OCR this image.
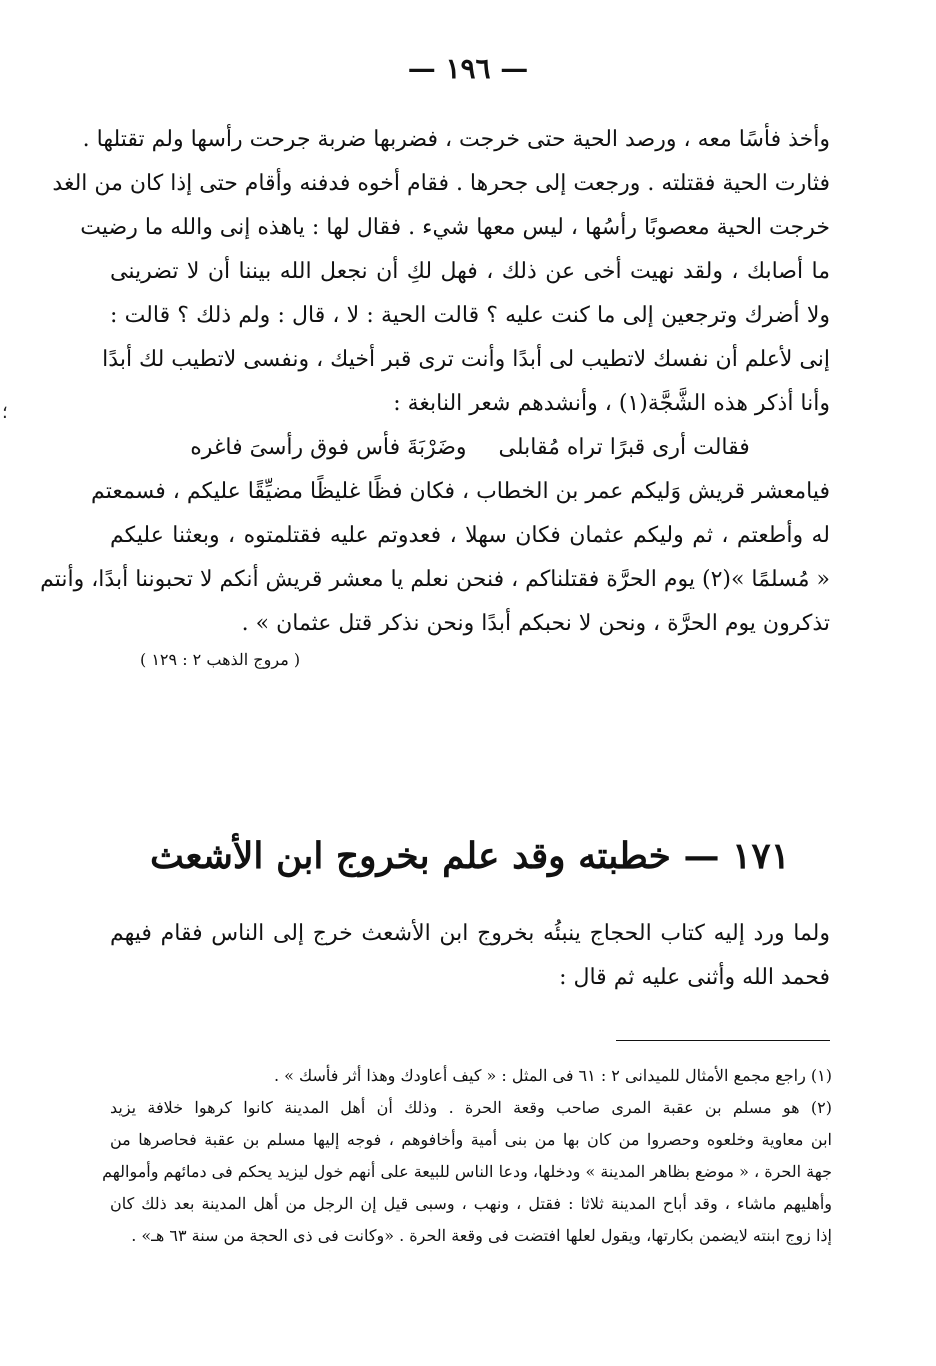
— ١٩٦ —
؛
وأخذ فأسًا معه ، ورصد الحية حتى خرجت ، فضربها ضربة جرحت رأسها ولم تقتلها .
فثارت الحية فقتلته . ورجعت إلى جحرها . فقام أخوه فدفنه وأقام حتى إذا كان من الغد
خرجت الحية معصوبًا رأسُها ، ليس معها شيء . فقال لها : ياهذه إنى والله ما رضيت
ما أصابك ، ولقد نهيت أخى عن ذلك ، فهل لكِ أن نجعل الله بيننا أن لا تضرينى
ولا أضرك وترجعين إلى ما كنت عليه ؟ قالت الحية : لا ، قال : ولم ذلك ؟ قالت :
إنى لأعلم أن نفسك لاتطيب لى أبدًا وأنت ترى قبر أخيك ، ونفسى لاتطيب لك أبدًا
وأنا أذكر هذه الشَّجَّة(١) ، وأنشدهم شعر النابغة :
فقالت أرى قبرًا تراه مُقابلى
وضَرْبَةَ فأس فوق رأسىَ فاغره
فيامعشر قريش وَليكم عمر بن الخطاب ، فكان فظًا غليظًا مضيِّقًا عليكم ، فسمعتم
له وأطعتم ، ثم وليكم عثمان فكان سهلا ، فعدوتم عليه فقتلمتوه ، وبعثنا عليكم
« مُسلمًا »(٢) يوم الحرَّة فقتلناكم ، فنحن نعلم يا معشر قريش أنكم لا تحبوننا أبدًا، وأنتم
تذكرون يوم الحرَّة ، ونحن لا نحبكم أبدًا ونحن نذكر قتل عثمان » .
( مروج الذهب ٢ : ١٢٩ )
١٧١ — خطبته وقد علم بخروج ابن الأشعث
ولما ورد إليه كتاب الحجاج ينبئُه بخروج ابن الأشعث خرج إلى الناس فقام فيهم
فحمد الله وأثنى عليه ثم قال :
(١) راجع مجمع الأمثال للميدانى ٢ : ٦١ فى المثل : « كيف أعاودك وهذا أثر فأسك » .
(٢) هو مسلم بن عقبة المرى صاحب وقعة الحرة . وذلك أن أهل المدينة كانوا كرهوا خلافة يزيد
ابن معاوية وخلعوه وحصروا من كان بها من بنى أمية وأخافوهم ، فوجه إليها مسلم بن عقبة فحاصرها من
جهة الحرة ، « موضع بظاهر المدينة » ودخلها، ودعا الناس للبيعة على أنهم خول ليزيد يحكم فى دمائهم وأموالهم
وأهليهم ماشاء ، وقد أباح المدينة ثلاثا : فقتل ، ونهب ، وسبى قيل إن الرجل من أهل المدينة بعد ذلك كان
إذا زوج ابنته لايضمن بكارتها، ويقول لعلها افتضت فى وقعة الحرة . «وكانت فى ذى الحجة من سنة ٦٣ هـ» .
